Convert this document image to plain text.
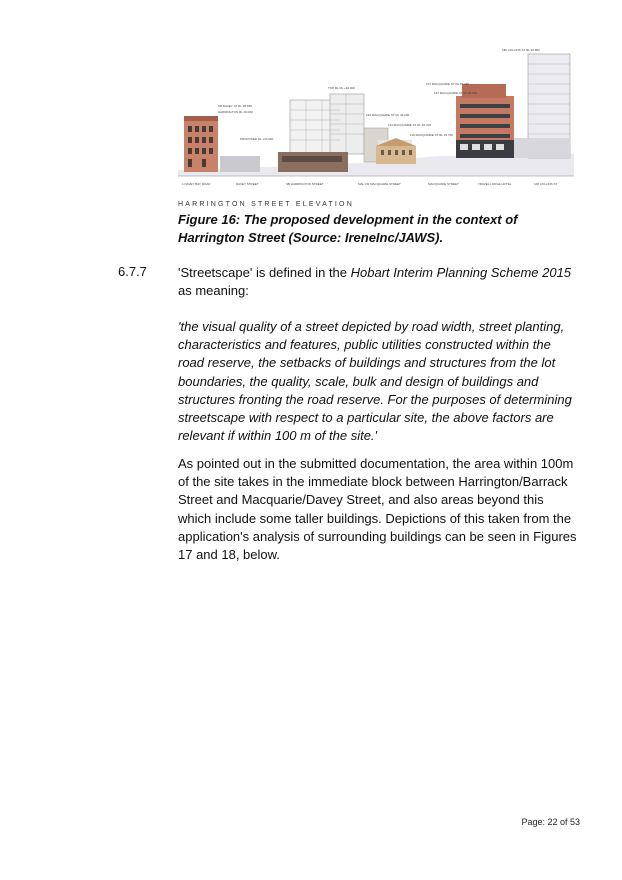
SB DAVEY ST RL 48.650
HARRINGTON RL 49.000
PROPOSED RL +31.000
TOP RL RL +94.900
193 MACQUARIE ST RL 49.200
114 MACQUARIE ST RL 46.700
116 MACQUARIE ST RL 45.700
157 MACQUARIE ST RL 87.260
167 MACQUARIE ST RL 88.000
186 COLLINS ST RL 92.800
1 DAVEY BAY ROAD	DAVEY STREET	SB HARRINGTON STREET	MAL CR MACQUARIE STREET	MACQUARIE STREET	TRAVEL LODGE HOTEL	108 COLLINS ST
HARRINGTON STREET ELEVATION
Figure 16: The proposed development in the context of Harrington Street (Source: IreneInc/JAWS).
6.7.7 'Streetscape' is defined in the Hobart Interim Planning Scheme 2015 as meaning:
'the visual quality of a street depicted by road width, street planting, characteristics and features, public utilities constructed within the road reserve, the setbacks of buildings and structures from the lot boundaries, the quality, scale, bulk and design of buildings and structures fronting the road reserve. For the purposes of determining streetscape with respect to a particular site, the above factors are relevant if within 100 m of the site.'
As pointed out in the submitted documentation, the area within 100m of the site takes in the immediate block between Harrington/Barrack Street and Macquarie/Davey Street, and also areas beyond this which include some taller buildings. Depictions of this taken from the application's analysis of surrounding buildings can be seen in Figures 17 and 18, below.
Page: 22 of 53
